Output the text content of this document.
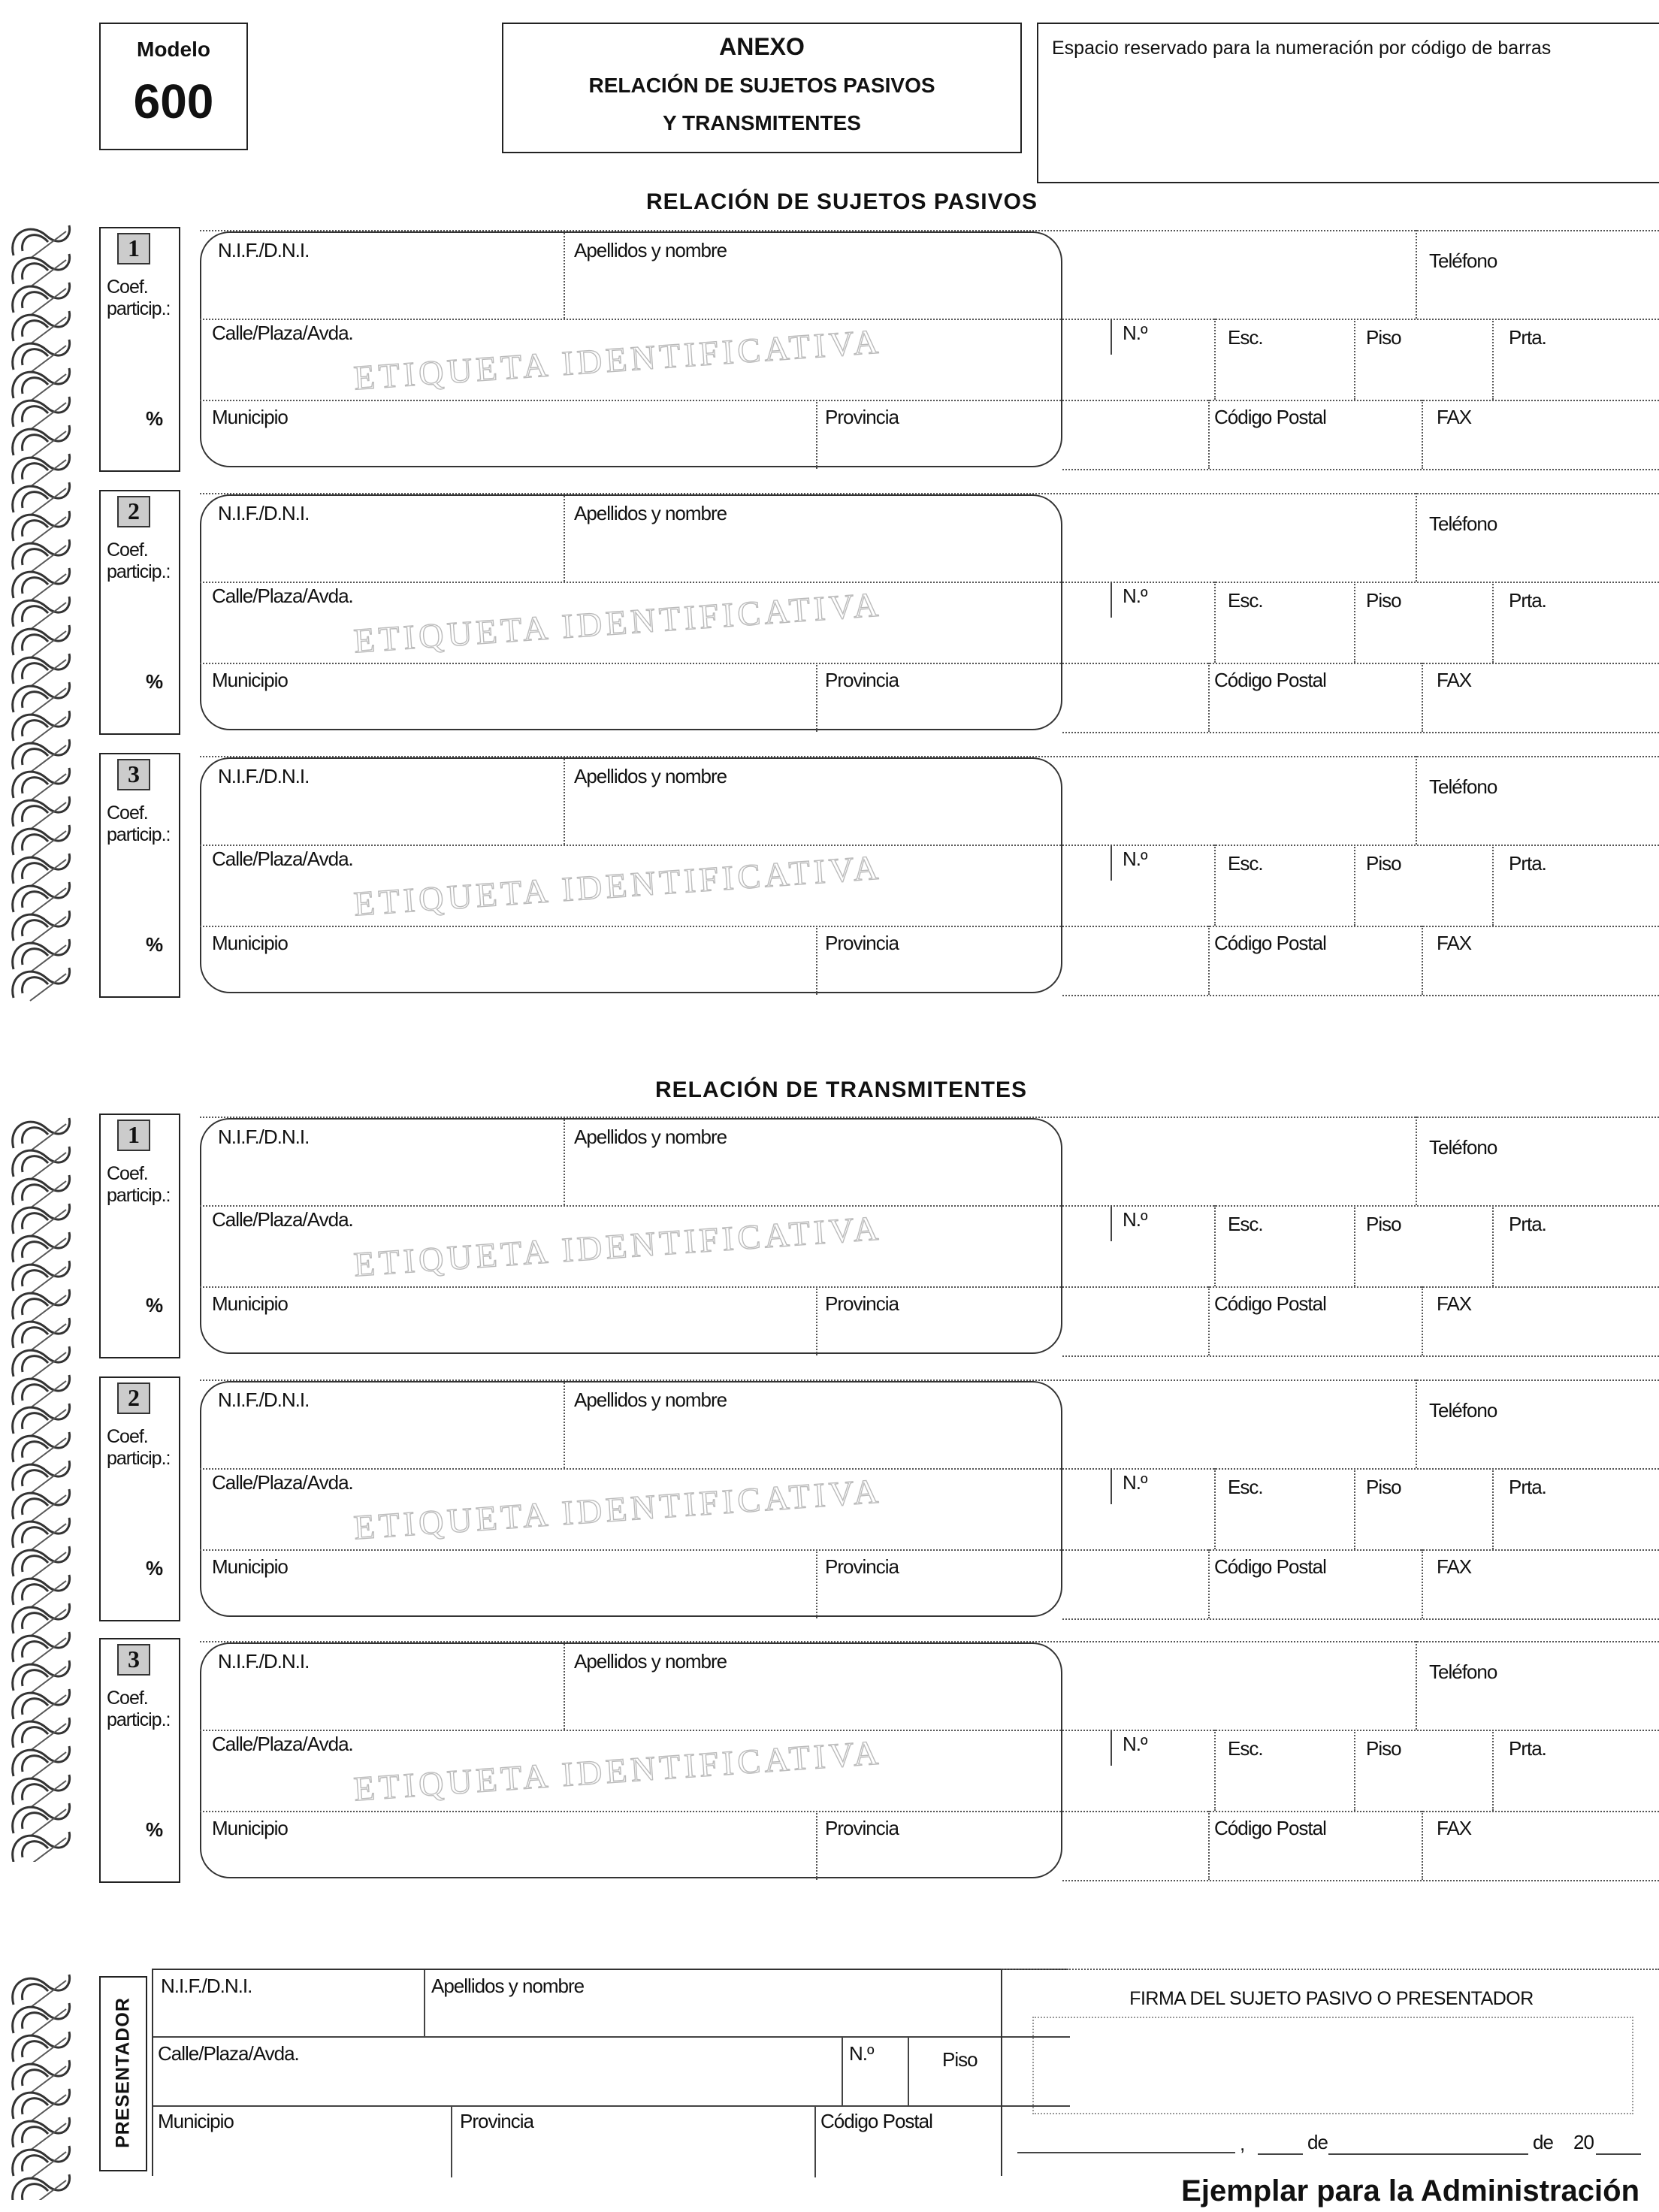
Modelo
600
ANEXO
RELACIÓN DE SUJETOS PASIVOS
Y TRANSMITENTES
Espacio reservado para la numeración por código de barras
RELACIÓN DE SUJETOS PASIVOS
RELACIÓN DE TRANSMITENTES
1
Coef.
particip.:
%
ETIQUETA IDENTIFICATIVA
N.I.F./D.N.I.	Apellidos y nombre	Teléfono
Calle/Plaza/Avda.	N.º	Esc.	Piso	Prta.
Municipio	Provincia	Código Postal	FAX
2
Coef.
particip.:
%
ETIQUETA IDENTIFICATIVA
N.I.F./D.N.I.	Apellidos y nombre	Teléfono
Calle/Plaza/Avda.	N.º	Esc.	Piso	Prta.
Municipio	Provincia	Código Postal	FAX
3
Coef.
particip.:
%
ETIQUETA IDENTIFICATIVA
N.I.F./D.N.I.	Apellidos y nombre	Teléfono
Calle/Plaza/Avda.	N.º	Esc.	Piso	Prta.
Municipio	Provincia	Código Postal	FAX
1
Coef.
particip.:
%
ETIQUETA IDENTIFICATIVA
N.I.F./D.N.I.	Apellidos y nombre	Teléfono
Calle/Plaza/Avda.	N.º	Esc.	Piso	Prta.
Municipio	Provincia	Código Postal	FAX
2
Coef.
particip.:
%
ETIQUETA IDENTIFICATIVA
N.I.F./D.N.I.	Apellidos y nombre	Teléfono
Calle/Plaza/Avda.	N.º	Esc.	Piso	Prta.
Municipio	Provincia	Código Postal	FAX
3
Coef.
particip.:
%
ETIQUETA IDENTIFICATIVA
N.I.F./D.N.I.	Apellidos y nombre	Teléfono
Calle/Plaza/Avda.	N.º	Esc.	Piso	Prta.
Municipio	Provincia	Código Postal	FAX
PRESENTADOR
N.I.F./D.N.I.	Apellidos y nombre
Calle/Plaza/Avda.	N.º	Piso
Municipio	Provincia	Código Postal
FIRMA DEL SUJETO PASIVO O PRESENTADOR
,	de	de 20
Ejemplar para la Administración
